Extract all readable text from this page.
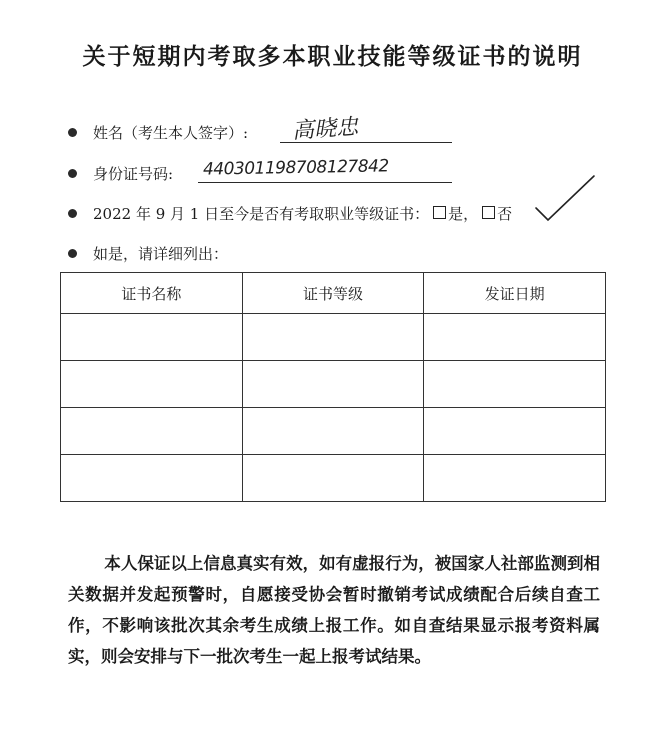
关于短期内考取多本职业技能等级证书的说明
姓名（考生本人签字）: 高晓忠
身份证号码: 440301198708127842
2022 年 9 月 1 日至今是否有考取职业等级证书： 是， 否
如是，请详细列出：
证书名称	证书等级	发证日期

本人保证以上信息真实有效，如有虚报行为，被国家人社部监测到相关数据并发起预警时，自愿接受协会暂时撤销考试成绩配合后续自查工作，不影响该批次其余考生成绩上报工作。如自查结果显示报考资料属实，则会安排与下一批次考生一起上报考试结果。
